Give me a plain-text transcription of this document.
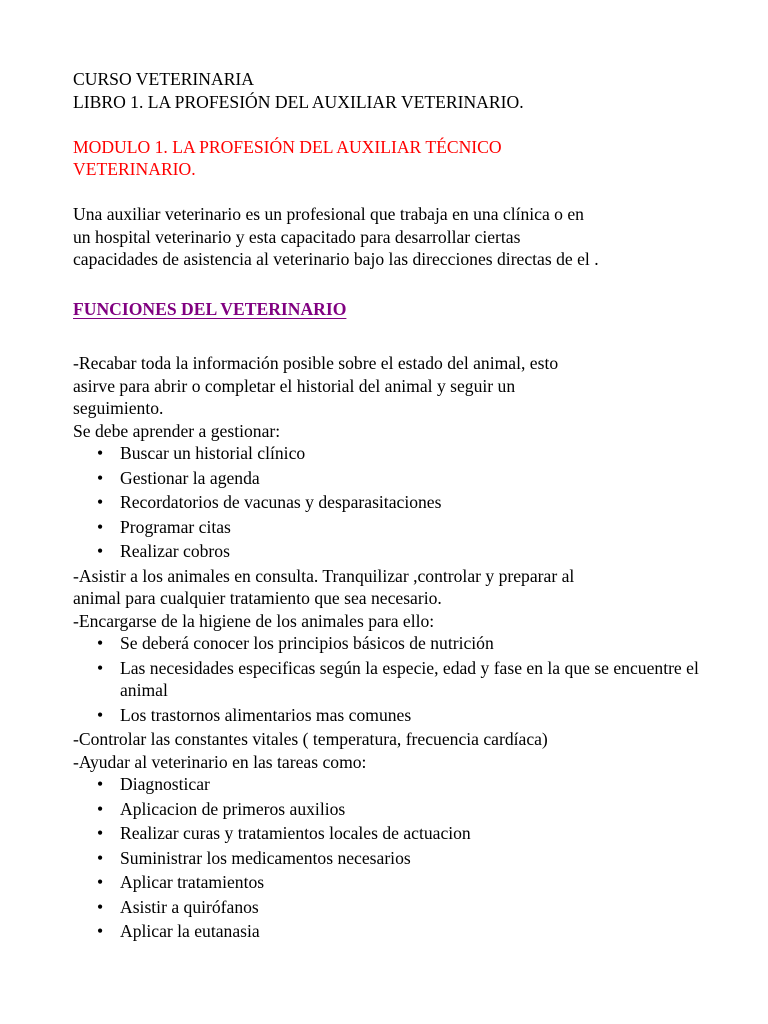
CURSO VETERINARIA

LIBRO 1. LA PROFESIÓN DEL AUXILIAR VETERINARIO.

MODULO 1. LA PROFESIÓN DEL AUXILIAR TÉCNICO

VETERINARIO.

Una auxiliar veterinario es un profesional que trabaja en una clínica o en

un hospital veterinario y esta capacitado para desarrollar ciertas

capacidades de asistencia al veterinario bajo las direcciones directas de el .

FUNCIONES DEL VETERINARIO

-Recabar toda la información posible sobre el estado del animal, esto

asirve para abrir o completar el historial del animal y seguir un

seguimiento.

Se debe aprender a gestionar:

• Buscar un historial clínico
• Gestionar la agenda
• Recordatorios de vacunas y desparasitaciones
• Programar citas
• Realizar cobros

-Asistir a los animales en consulta. Tranquilizar ,controlar y preparar al

animal para cualquier tratamiento que sea necesario.

-Encargarse de la higiene de los animales para ello:

• Se deberá conocer los principios básicos de nutrición
• Las necesidades especificas según la especie, edad y fase en la que se encuentre el animal
• Los trastornos alimentarios mas comunes

-Controlar las constantes vitales ( temperatura, frecuencia cardíaca)

-Ayudar al veterinario en las tareas como:

• Diagnosticar
• Aplicacion de primeros auxilios
• Realizar curas y tratamientos locales de actuacion
• Suministrar los medicamentos necesarios
• Aplicar tratamientos
• Asistir a quirófanos
• Aplicar la eutanasia
